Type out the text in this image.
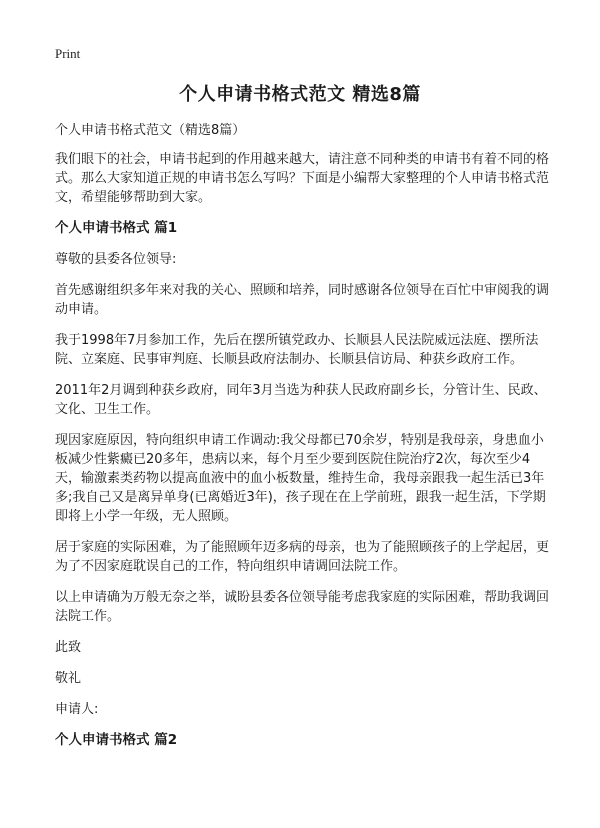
Print
个人申请书格式范文 精选8篇

个人申请书格式范文（精选8篇）

我们眼下的社会，申请书起到的作用越来越大，请注意不同种类的申请书有着不同的格式。那么大家知道正规的申请书怎么写吗？下面是小编帮大家整理的个人申请书格式范文，希望能够帮助到大家。

个人申请书格式 篇1

尊敬的县委各位领导:

首先感谢组织多年来对我的关心、照顾和培养，同时感谢各位领导在百忙中审阅我的调动申请。

我于1998年7月参加工作，先后在摆所镇党政办、长顺县人民法院威远法庭、摆所法院、立案庭、民事审判庭、长顺县政府法制办、长顺县信访局、种获乡政府工作。

2011年2月调到种获乡政府，同年3月当选为种获人民政府副乡长，分管计生、民政、文化、卫生工作。

现因家庭原因，特向组织申请工作调动:我父母都已70余岁，特别是我母亲，身患血小板减少性紫癜已20多年，患病以来，每个月至少要到医院住院治疗2次，每次至少4天，输激素类药物以提高血液中的血小板数量，维持生命，我母亲跟我一起生活已3年多;我自己又是离异单身(已离婚近3年)，孩子现在在上学前班，跟我一起生活，下学期即将上小学一年级，无人照顾。

居于家庭的实际困难，为了能照顾年迈多病的母亲，也为了能照顾孩子的上学起居，更为了不因家庭耽误自己的工作，特向组织申请调回法院工作。

以上申请确为万般无奈之举，诚盼县委各位领导能考虑我家庭的实际困难，帮助我调回法院工作。

此致

敬礼

申请人:

个人申请书格式 篇2
